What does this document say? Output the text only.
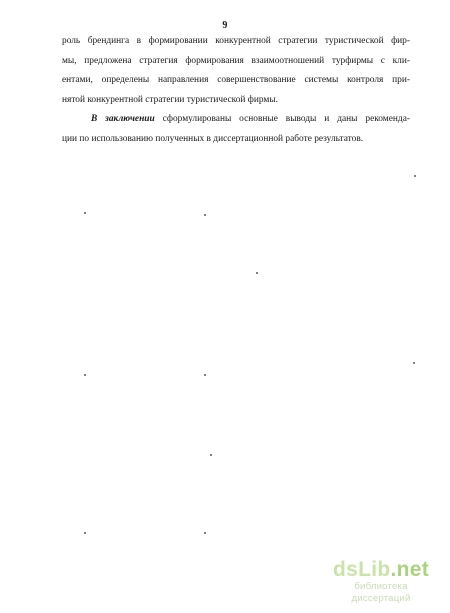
9
роль брендинга в формировании конкурентной стратегии туристической фир-
мы, предложена стратегия формирования взаимоотношений турфирмы с кли-
ентами, определены направления совершенствование системы контроля при-
нятой конкурентной стратегии туристической фирмы.
В заключении сформулированы основные выводы и даны рекоменда-
ции по использованию полученных в диссертационной работе результатов.
dsLib.net
библиотека диссертаций
